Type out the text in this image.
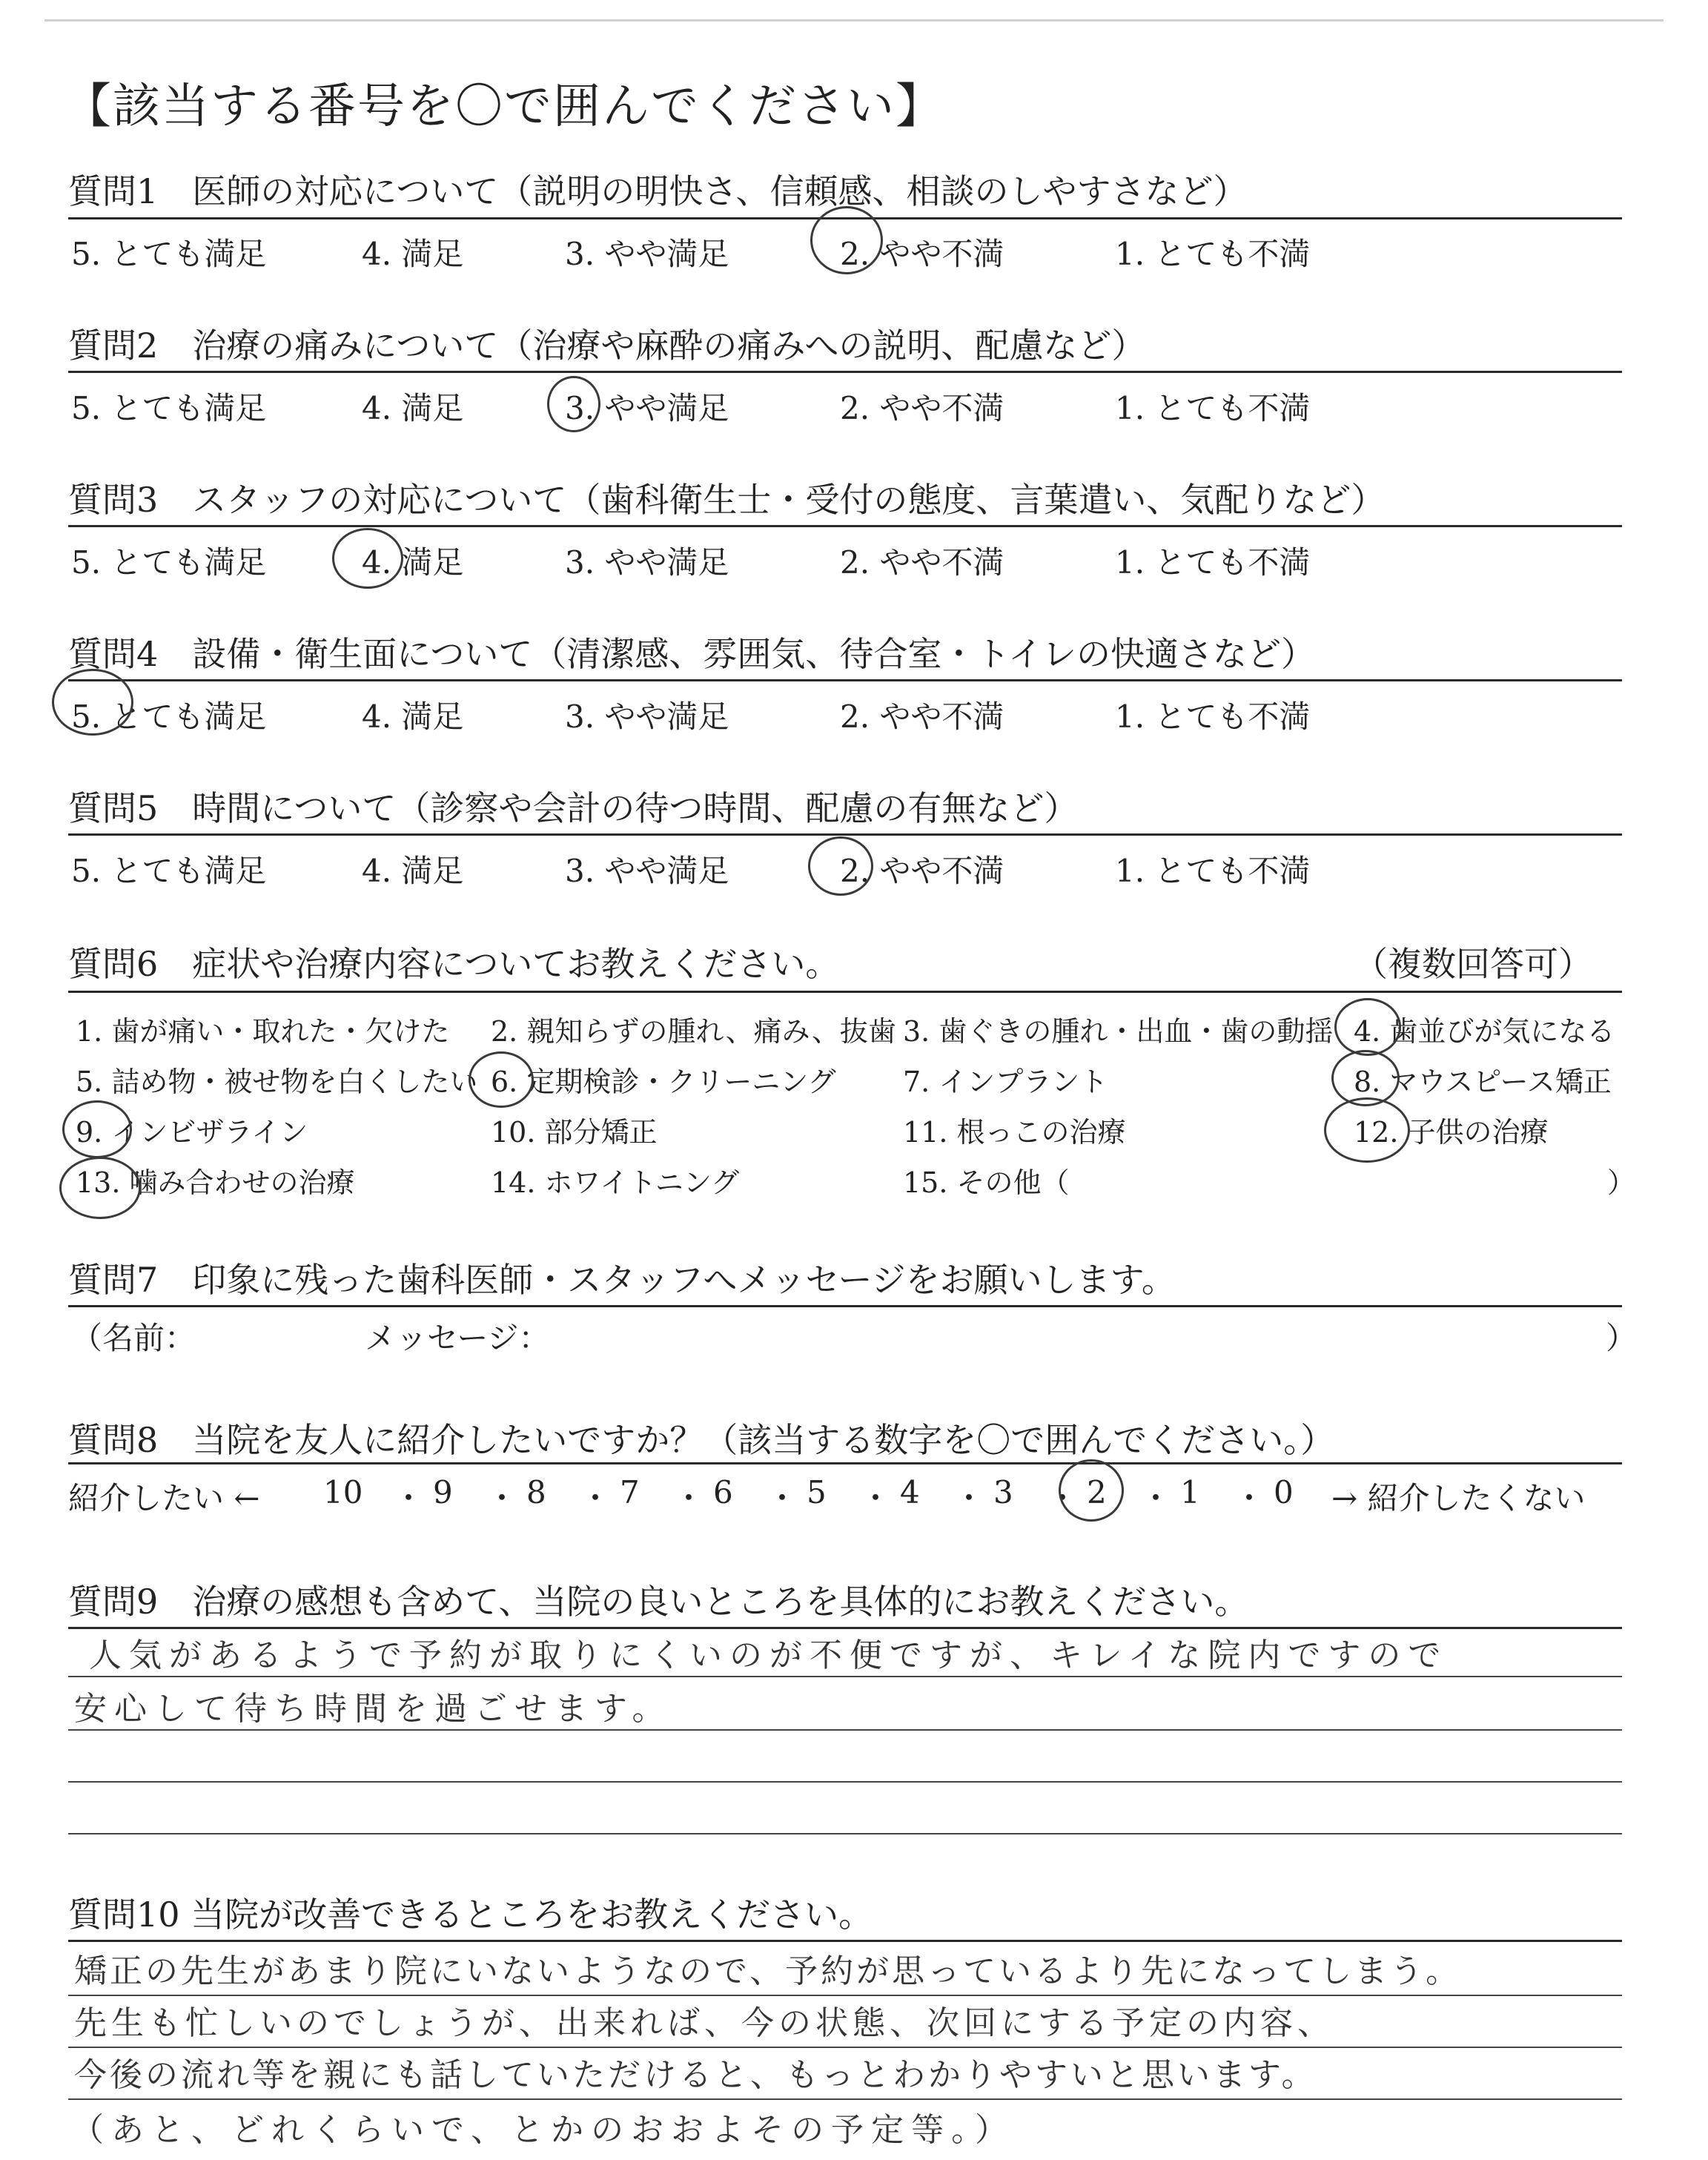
【該当する番号を〇で囲んでください】
質問1　医師の対応について（説明の明快さ、信頼感、相談のしやすさなど）
5. とても満足	4. 満足	3. やや満足	2. やや不満	1. とても不満
質問2　治療の痛みについて（治療や麻酔の痛みへの説明、配慮など）
5. とても満足	4. 満足	3. やや満足	2. やや不満	1. とても不満
質問3　スタッフの対応について（歯科衛生士・受付の態度、言葉遣い、気配りなど）
5. とても満足	4. 満足	3. やや満足	2. やや不満	1. とても不満
質問4　設備・衛生面について（清潔感、雰囲気、待合室・トイレの快適さなど）
5. とても満足	4. 満足	3. やや満足	2. やや不満	1. とても不満
質問5　時間について（診察や会計の待つ時間、配慮の有無など）
5. とても満足	4. 満足	3. やや満足	2. やや不満	1. とても不満
質問6　症状や治療内容についてお教えください。	（複数回答可）
1. 歯が痛い・取れた・欠けた 2. 親知らずの腫れ、痛み、抜歯 3. 歯ぐきの腫れ・出血・歯の動揺 4. 歯並びが気になる
5. 詰め物・被せ物を白くしたい 6. 定期検診・クリーニング 7. インプラント	8. マウスピース矯正
9. インビザライン	10. 部分矯正	11. 根っこの治療	12. 子供の治療
13. 噛み合わせの治療	14. ホワイトニング	15. その他（	）
質問7　印象に残った歯科医師・スタッフへメッセージをお願いします。
（名前：	メッセージ：	）
質問8　当院を友人に紹介したいですか？（該当する数字を〇で囲んでください。）
紹介したい ← 10 ・ 9 ・ 8 ・ 7 ・ 6 ・ 5 ・ 4 ・ 3 ・ 2 ・ 1 ・ 0 → 紹介したくない
質問9　治療の感想も含めて、当院の良いところを具体的にお教えください。
人気があるようで予約が取りにくいのが不便ですが、キレイな院内ですので
安心して待ち時間を過ごせます。
質問10 当院が改善できるところをお教えください。
矯正の先生があまり院にいないようなので、予約が思っているより先になってしまう。
先生も忙しいのでしょうが、出来れば、今の状態、次回にする予定の内容、
今後の流れ等を親にも話していただけると、もっとわかりやすいと思います。
（あと、どれくらいで、とかのおおよその予定等。）
